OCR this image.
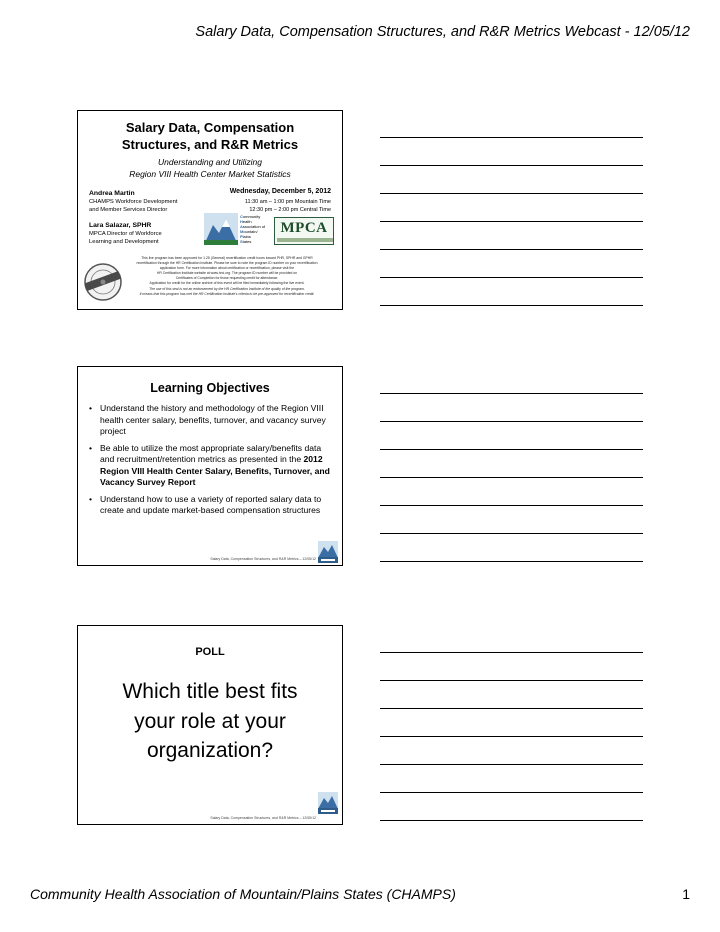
Salary Data, Compensation Structures, and R&R Metrics Webcast - 12/05/12
Salary Data, Compensation
Structures, and R&R Metrics
Understanding and Utilizing
Region VIII Health Center Market Statistics
Andrea Martin
CHAMPS Workforce Development
and Member Services Director
Lara Salazar, SPHR
MPCA Director of Workforce
Learning and Development
Wednesday, December 5, 2012
11:30 am – 1:00 pm Mountain Time
12:30 pm – 2:00 pm Central Time
Community
Health
Association of
Mountain/
Plains
States
MPCA
This live program has been approved for 1.25 (General) recertification credit hours toward PHR, SPHR and GPHR
recertification through the HR Certification Institute. Please be sure to note the program ID number on your recertification
application form. For more information about certification or recertification, please visit the
HR Certification Institute website at www.hrci.org. The program ID number will be provided on
Certificates of Completion for those requesting credit for attendance.
Application for credit for the online archive of this event will be filed immediately following the live event.
The use of this seal is not an endorsement by the HR Certification Institute of the quality of the program.
It means that this program has met the HR Certification Institute's criteria to be pre-approved for recertification credit.
Learning Objectives
• Understand the history and methodology of the Region VIII health center salary, benefits, turnover, and vacancy survey project
• Be able to utilize the most appropriate salary/benefits data and recruitment/retention metrics as presented in the 2012 Region VIII Health Center Salary, Benefits, Turnover, and Vacancy Survey Report
• Understand how to use a variety of reported salary data to create and update market-based compensation structures
Salary Data, Compensation Structures, and R&R Metrics – 12/05/12
POLL
Which title best fits
your role at your
organization?
Salary Data, Compensation Structures, and R&R Metrics – 12/05/12
Community Health Association of Mountain/Plains States (CHAMPS)	1
